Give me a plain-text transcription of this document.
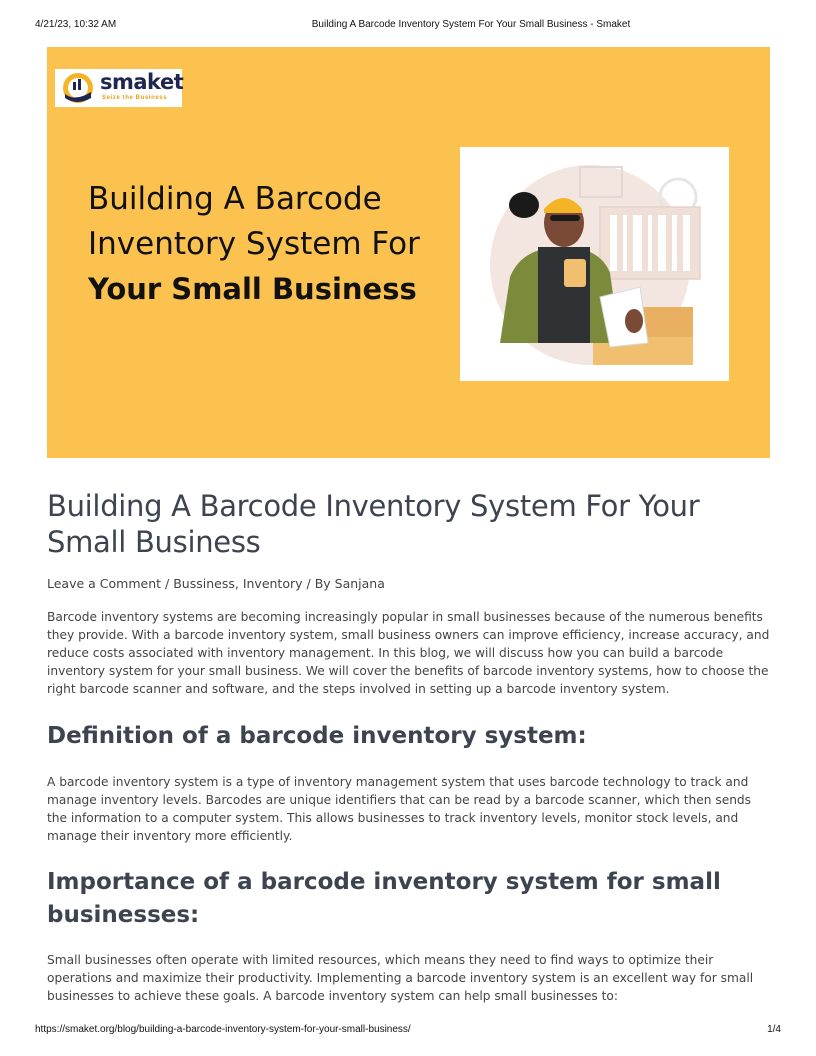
4/21/23, 10:32 AM	Building A Barcode Inventory System For Your Small Business - Smaket
smaket
Seize the Business
Building A Barcode
Inventory System For
Your Small Business
Building A Barcode Inventory System For Your Small Business
Leave a Comment / Bussiness, Inventory / By Sanjana

Barcode inventory systems are becoming increasingly popular in small businesses because of the numerous benefits they provide. With a barcode inventory system, small business owners can improve efficiency, increase accuracy, and reduce costs associated with inventory management. In this blog, we will discuss how you can build a barcode inventory system for your small business. We will cover the benefits of barcode inventory systems, how to choose the right barcode scanner and software, and the steps involved in setting up a barcode inventory system.

Definition of a barcode inventory system:

A barcode inventory system is a type of inventory management system that uses barcode technology to track and manage inventory levels. Barcodes are unique identifiers that can be read by a barcode scanner, which then sends the information to a computer system. This allows businesses to track inventory levels, monitor stock levels, and manage their inventory more efficiently.

Importance of a barcode inventory system for small businesses:

Small businesses often operate with limited resources, which means they need to find ways to optimize their operations and maximize their productivity. Implementing a barcode inventory system is an excellent way for small businesses to achieve these goals. A barcode inventory system can help small businesses to:

https://smaket.org/blog/building-a-barcode-inventory-system-for-your-small-business/	1/4
